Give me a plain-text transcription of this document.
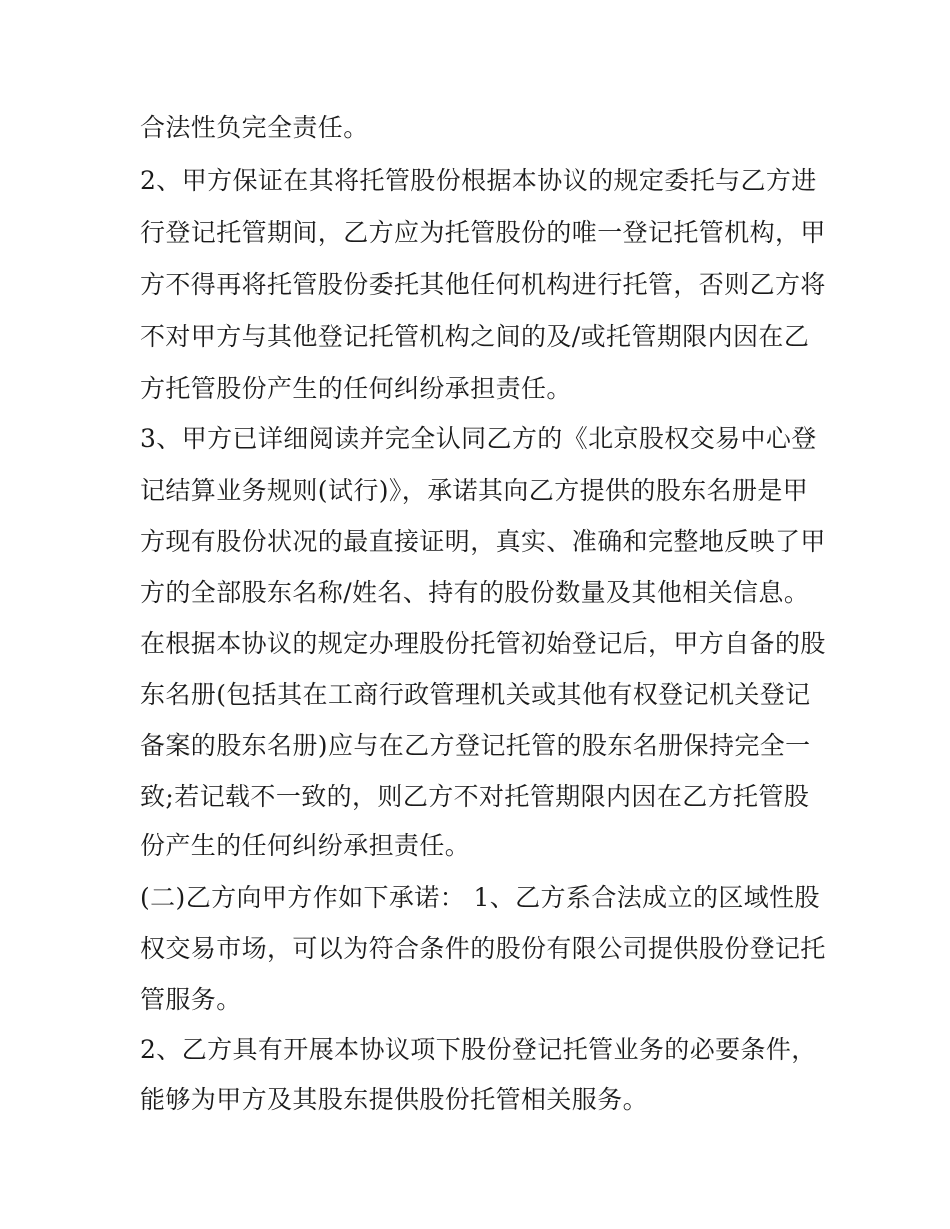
合法性负完全责任。
2、甲方保证在其将托管股份根据本协议的规定委托与乙方进
行登记托管期间，乙方应为托管股份的唯一登记托管机构，甲
方不得再将托管股份委托其他任何机构进行托管，否则乙方将
不对甲方与其他登记托管机构之间的及/或托管期限内因在乙
方托管股份产生的任何纠纷承担责任。
3、甲方已详细阅读并完全认同乙方的《北京股权交易中心登
记结算业务规则(试行)》，承诺其向乙方提供的股东名册是甲
方现有股份状况的最直接证明，真实、准确和完整地反映了甲
方的全部股东名称/姓名、持有的股份数量及其他相关信息。
在根据本协议的规定办理股份托管初始登记后，甲方自备的股
东名册(包括其在工商行政管理机关或其他有权登记机关登记
备案的股东名册)应与在乙方登记托管的股东名册保持完全一
致;若记载不一致的，则乙方不对托管期限内因在乙方托管股
份产生的任何纠纷承担责任。
(二)乙方向甲方作如下承诺： 1、乙方系合法成立的区域性股
权交易市场，可以为符合条件的股份有限公司提供股份登记托
管服务。
2、乙方具有开展本协议项下股份登记托管业务的必要条件，
能够为甲方及其股东提供股份托管相关服务。
